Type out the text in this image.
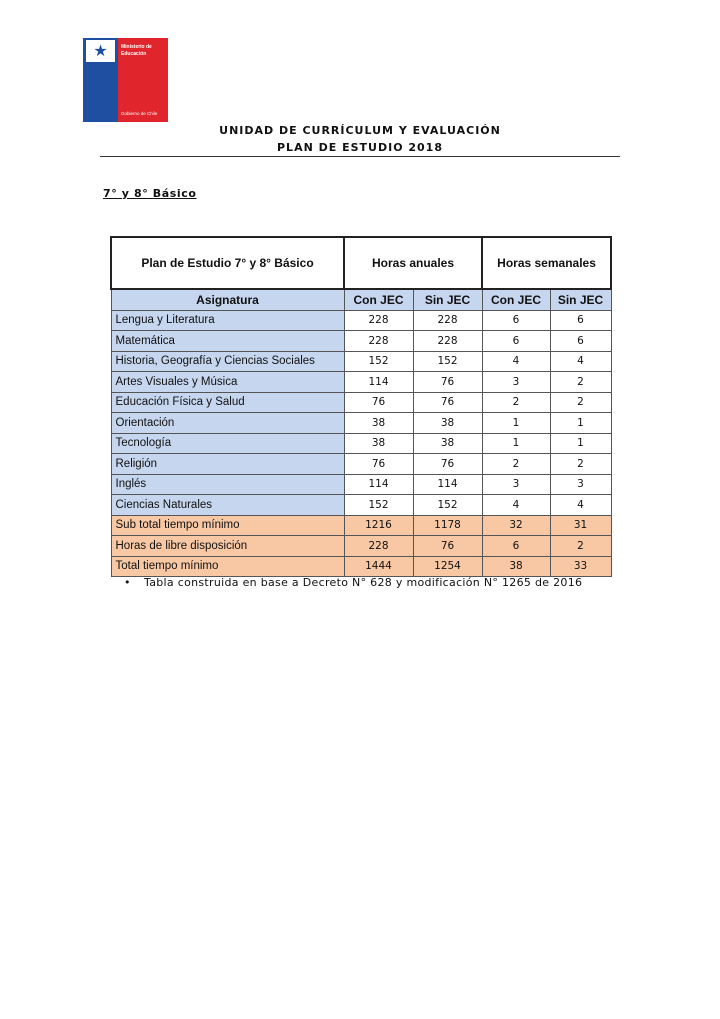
★	Ministerio de
Educación
Gobierno de Chile
UNIDAD DE CURRÍCULUM Y EVALUACIÓN
PLAN DE ESTUDIO 2018
7° y 8° Básico
Plan de Estudio 7° y 8° Básico	Horas anuales		Horas semanales	
Asignatura	Con JEC	Sin JEC	Con JEC	Sin JEC
Lengua y Literatura	228	228	6	6
Matemática	228	228	6	6
Historia, Geografía y Ciencias Sociales	152	152	4	4
Artes Visuales y Música	114	76	3	2
Educación Física y Salud	76	76	2	2
Orientación	38	38	1	1
Tecnología	38	38	1	1
Religión	76	76	2	2
Inglés	114	114	3	3
Ciencias Naturales	152	152	4	4
Sub total tiempo mínimo	1216	1178	32	31
Horas de libre disposición	228	76	6	2
Total tiempo mínimo	1444	1254	38	33
• Tabla construida en base a Decreto N° 628 y modificación N° 1265 de 2016
